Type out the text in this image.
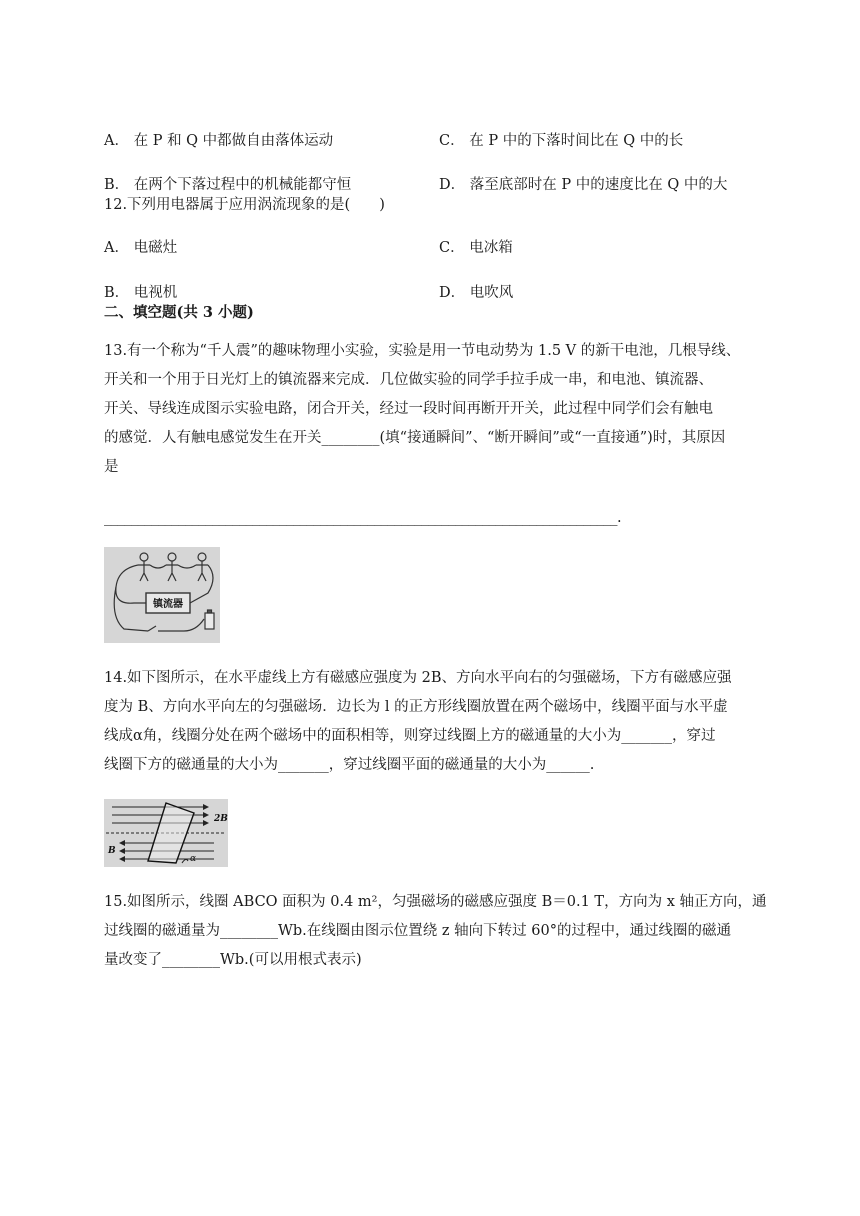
A． 在 P 和 Q 中都做自由落体运动	C． 在 P 中的下落时间比在 Q 中的长
B． 在两个下落过程中的机械能都守恒	D． 落至底部时在 P 中的速度比在 Q 中的大
12.下列用电器属于应用涡流现象的是(　　)
A． 电磁灶	C． 电冰箱
B． 电视机	D． 电吹风
二、填空题(共 3 小题)
13.有一个称为“千人震”的趣味物理小实验，实验是用一节电动势为 1.5 V 的新干电池，几根导线、
开关和一个用于日光灯上的镇流器来完成．几位做实验的同学手拉手成一串，和电池、镇流器、
开关、导线连成图示实验电路，闭合开关，经过一段时间再断开开关，此过程中同学们会有触电
的感觉．人有触电感觉发生在开关________(填“接通瞬间”、“断开瞬间”或“一直接通”)时，其原因
是
____________________________________________________________________________.
镇流器
14.如下图所示，在水平虚线上方有磁感应强度为 2B、方向水平向右的匀强磁场，下方有磁感应强
度为 B、方向水平向左的匀强磁场．边长为 l 的正方形线圈放置在两个磁场中，线圈平面与水平虚
线成α角，线圈分处在两个磁场中的面积相等，则穿过线圈上方的磁通量的大小为_______，穿过
线圈下方的磁通量的大小为_______，穿过线圈平面的磁通量的大小为______.
2B
B
α
15.如图所示，线圈 ABCO 面积为 0.4 m²，匀强磁场的磁感应强度 B＝0.1 T，方向为 x 轴正方向，通
过线圈的磁通量为________Wb.在线圈由图示位置绕 z 轴向下转过 60°的过程中，通过线圈的磁通
量改变了________Wb.(可以用根式表示)
